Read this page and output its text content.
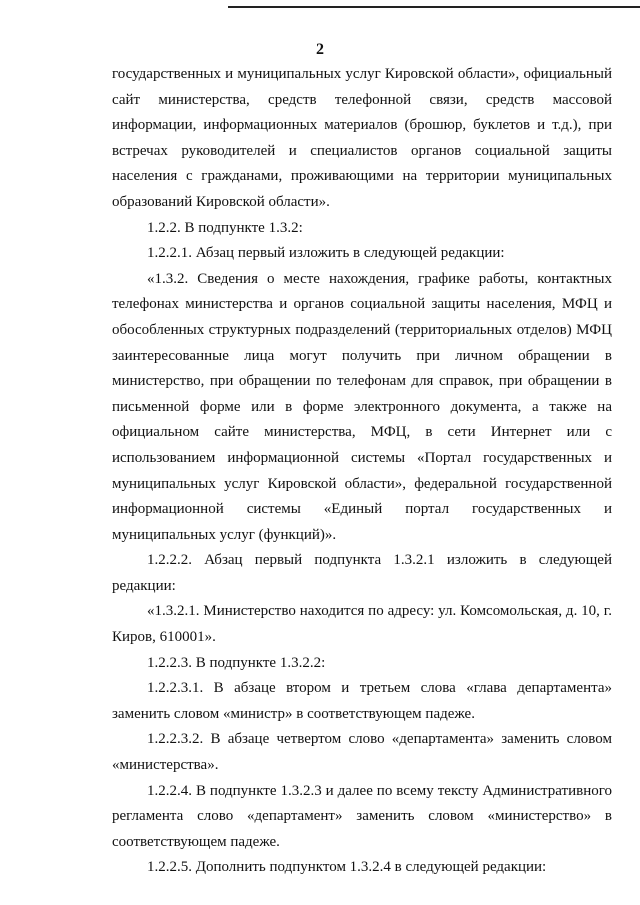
2

государственных и муниципальных услуг Кировской области», официальный сайт министерства, средств телефонной связи, средств массовой информации, информационных материалов (брошюр, буклетов и т.д.), при встречах руководителей и специалистов органов социальной защиты населения с гражданами, проживающими на территории муниципальных образований Кировской области».

1.2.2. В подпункте 1.3.2:

1.2.2.1. Абзац первый изложить в следующей редакции:

«1.3.2. Сведения о месте нахождения, графике работы, контактных телефонах министерства и органов социальной защиты населения, МФЦ и обособленных структурных подразделений (территориальных отделов) МФЦ заинтересованные лица могут получить при личном обращении в министерство, при обращении по телефонам для справок, при обращении в письменной форме или в форме электронного документа, а также на официальном сайте министерства, МФЦ, в сети Интернет или с использованием информационной системы «Портал государственных и муниципальных услуг Кировской области», федеральной государственной информационной системы «Единый портал государственных и муниципальных услуг (функций)».

1.2.2.2. Абзац первый подпункта 1.3.2.1 изложить в следующей редакции:

«1.3.2.1. Министерство находится по адресу: ул. Комсомольская, д. 10, г. Киров, 610001».

1.2.2.3. В подпункте 1.3.2.2:

1.2.2.3.1. В абзаце втором и третьем слова «глава департамента» заменить словом «министр» в соответствующем падеже.

1.2.2.3.2. В абзаце четвертом слово «департамента» заменить словом «министерства».

1.2.2.4. В подпункте 1.3.2.3 и далее по всему тексту Административного регламента слово «департамент» заменить словом «министерство» в соответствующем падеже.

1.2.2.5. Дополнить подпунктом 1.3.2.4 в следующей редакции:
